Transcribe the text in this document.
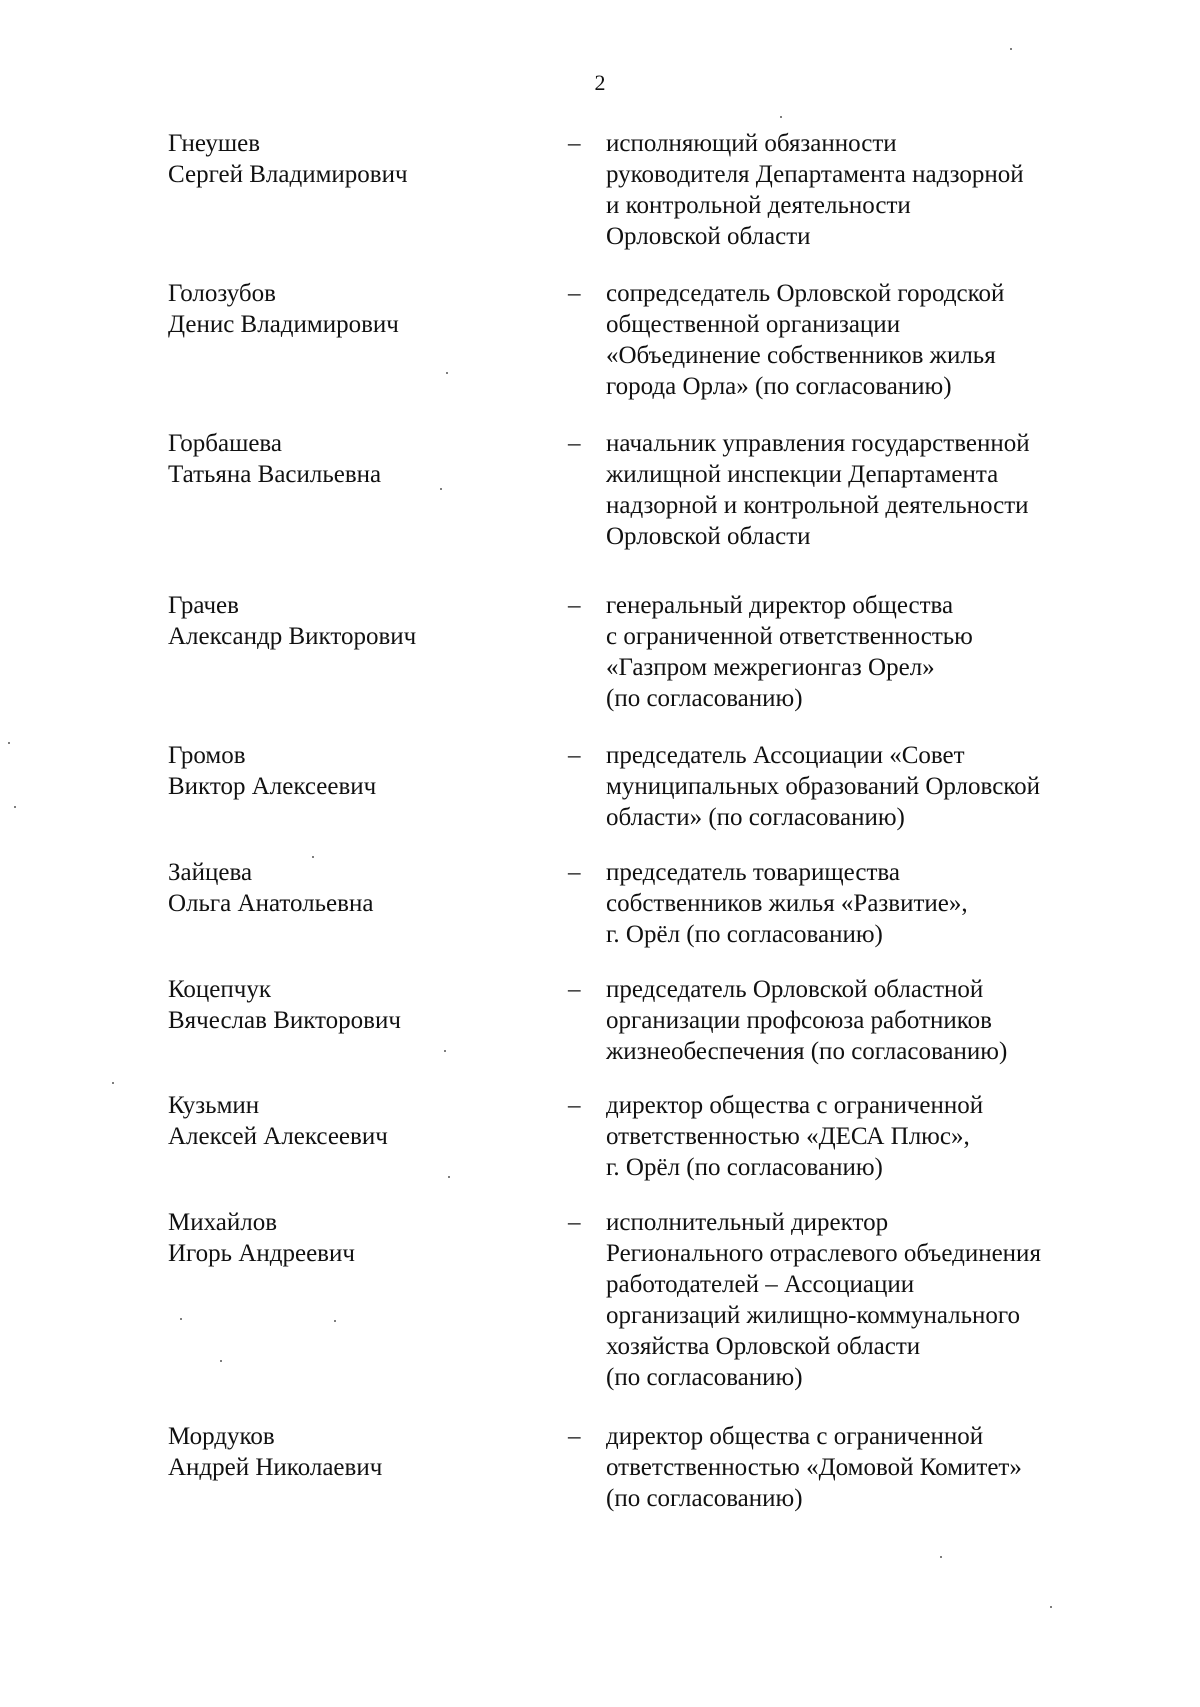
2
Гнеушев
Сергей Владимирович
–	исполняющий обязанности
руководителя Департамента надзорной
и контрольной деятельности
Орловской области
Голозубов
Денис Владимирович
–	сопредседатель Орловской городской
общественной организации
«Объединение собственников жилья
города Орла» (по согласованию)
Горбашева
Татьяна Васильевна
–	начальник управления государственной
жилищной инспекции Департамента
надзорной и контрольной деятельности
Орловской области
Грачев
Александр Викторович
–	генеральный директор общества
с ограниченной ответственностью
«Газпром межрегионгаз Орел»
(по согласованию)
Громов
Виктор Алексеевич
–	председатель Ассоциации «Совет
муниципальных образований Орловской
области» (по согласованию)
Зайцева
Ольга Анатольевна
–	председатель товарищества
собственников жилья «Развитие»,
г. Орёл (по согласованию)
Коцепчук
Вячеслав Викторович
–	председатель Орловской областной
организации профсоюза работников
жизнеобеспечения (по согласованию)
Кузьмин
Алексей Алексеевич
–	директор общества с ограниченной
ответственностью «ДЕСА Плюс»,
г. Орёл (по согласованию)
Михайлов
Игорь Андреевич
–	исполнительный директор
Регионального отраслевого объединения
работодателей – Ассоциации
организаций жилищно-коммунального
хозяйства Орловской области
(по согласованию)
Мордуков
Андрей Николаевич
–	директор общества с ограниченной
ответственностью «Домовой Комитет»
(по согласованию)
